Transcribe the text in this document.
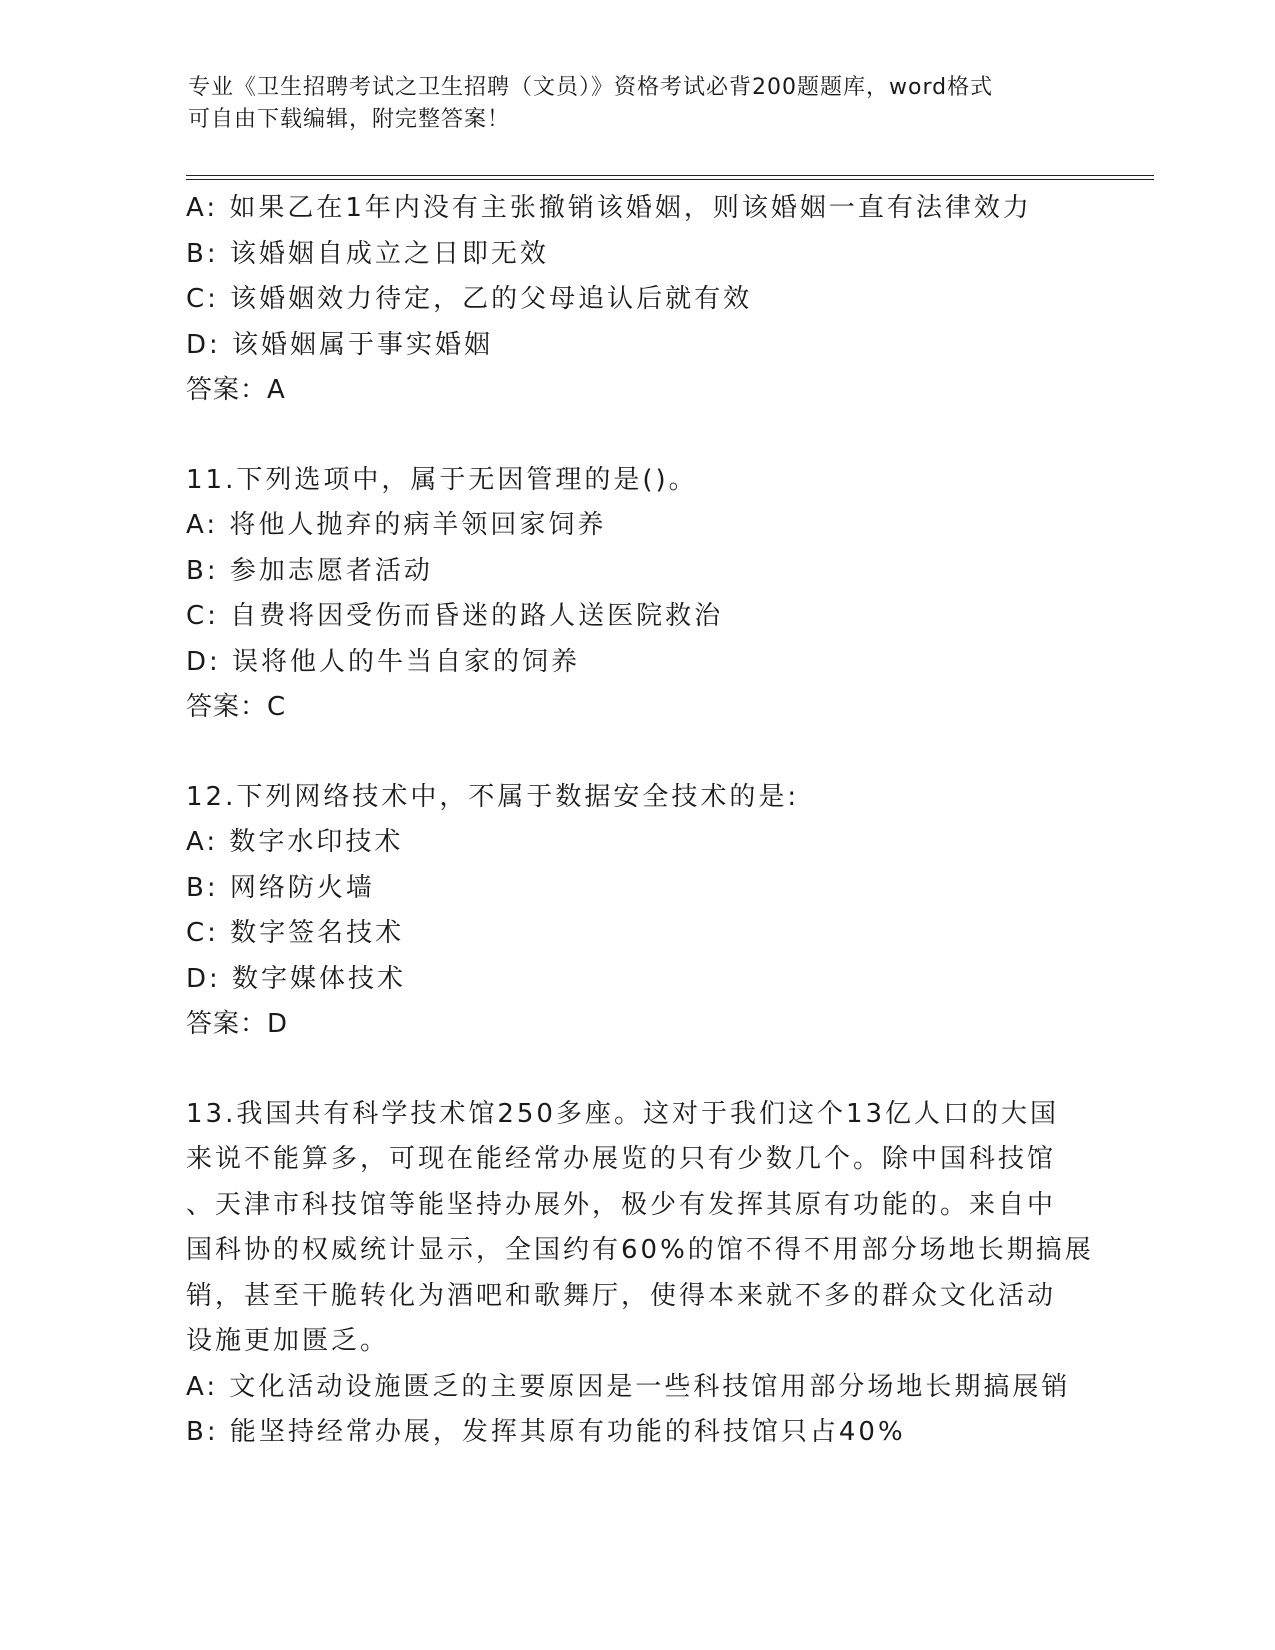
专业《卫生招聘考试之卫生招聘（文员）》资格考试必背200题题库，word格式
可自由下载编辑，附完整答案！
A: 如果乙在1年内没有主张撤销该婚姻，则该婚姻一直有法律效力
B: 该婚姻自成立之日即无效
C: 该婚姻效力待定，乙的父母追认后就有效
D: 该婚姻属于事实婚姻
答案：A
11.下列选项中，属于无因管理的是()。
A: 将他人抛弃的病羊领回家饲养
B: 参加志愿者活动
C: 自费将因受伤而昏迷的路人送医院救治
D: 误将他人的牛当自家的饲养
答案：C
12.下列网络技术中，不属于数据安全技术的是:
A: 数字水印技术
B: 网络防火墙
C: 数字签名技术
D: 数字媒体技术
答案：D
13.我国共有科学技术馆250多座。这对于我们这个13亿人口的大国
来说不能算多，可现在能经常办展览的只有少数几个。除中国科技馆
、天津市科技馆等能坚持办展外，极少有发挥其原有功能的。来自中
国科协的权威统计显示，全国约有60%的馆不得不用部分场地长期搞展
销，甚至干脆转化为酒吧和歌舞厅，使得本来就不多的群众文化活动
设施更加匮乏。
A: 文化活动设施匮乏的主要原因是一些科技馆用部分场地长期搞展销
B: 能坚持经常办展，发挥其原有功能的科技馆只占40%
